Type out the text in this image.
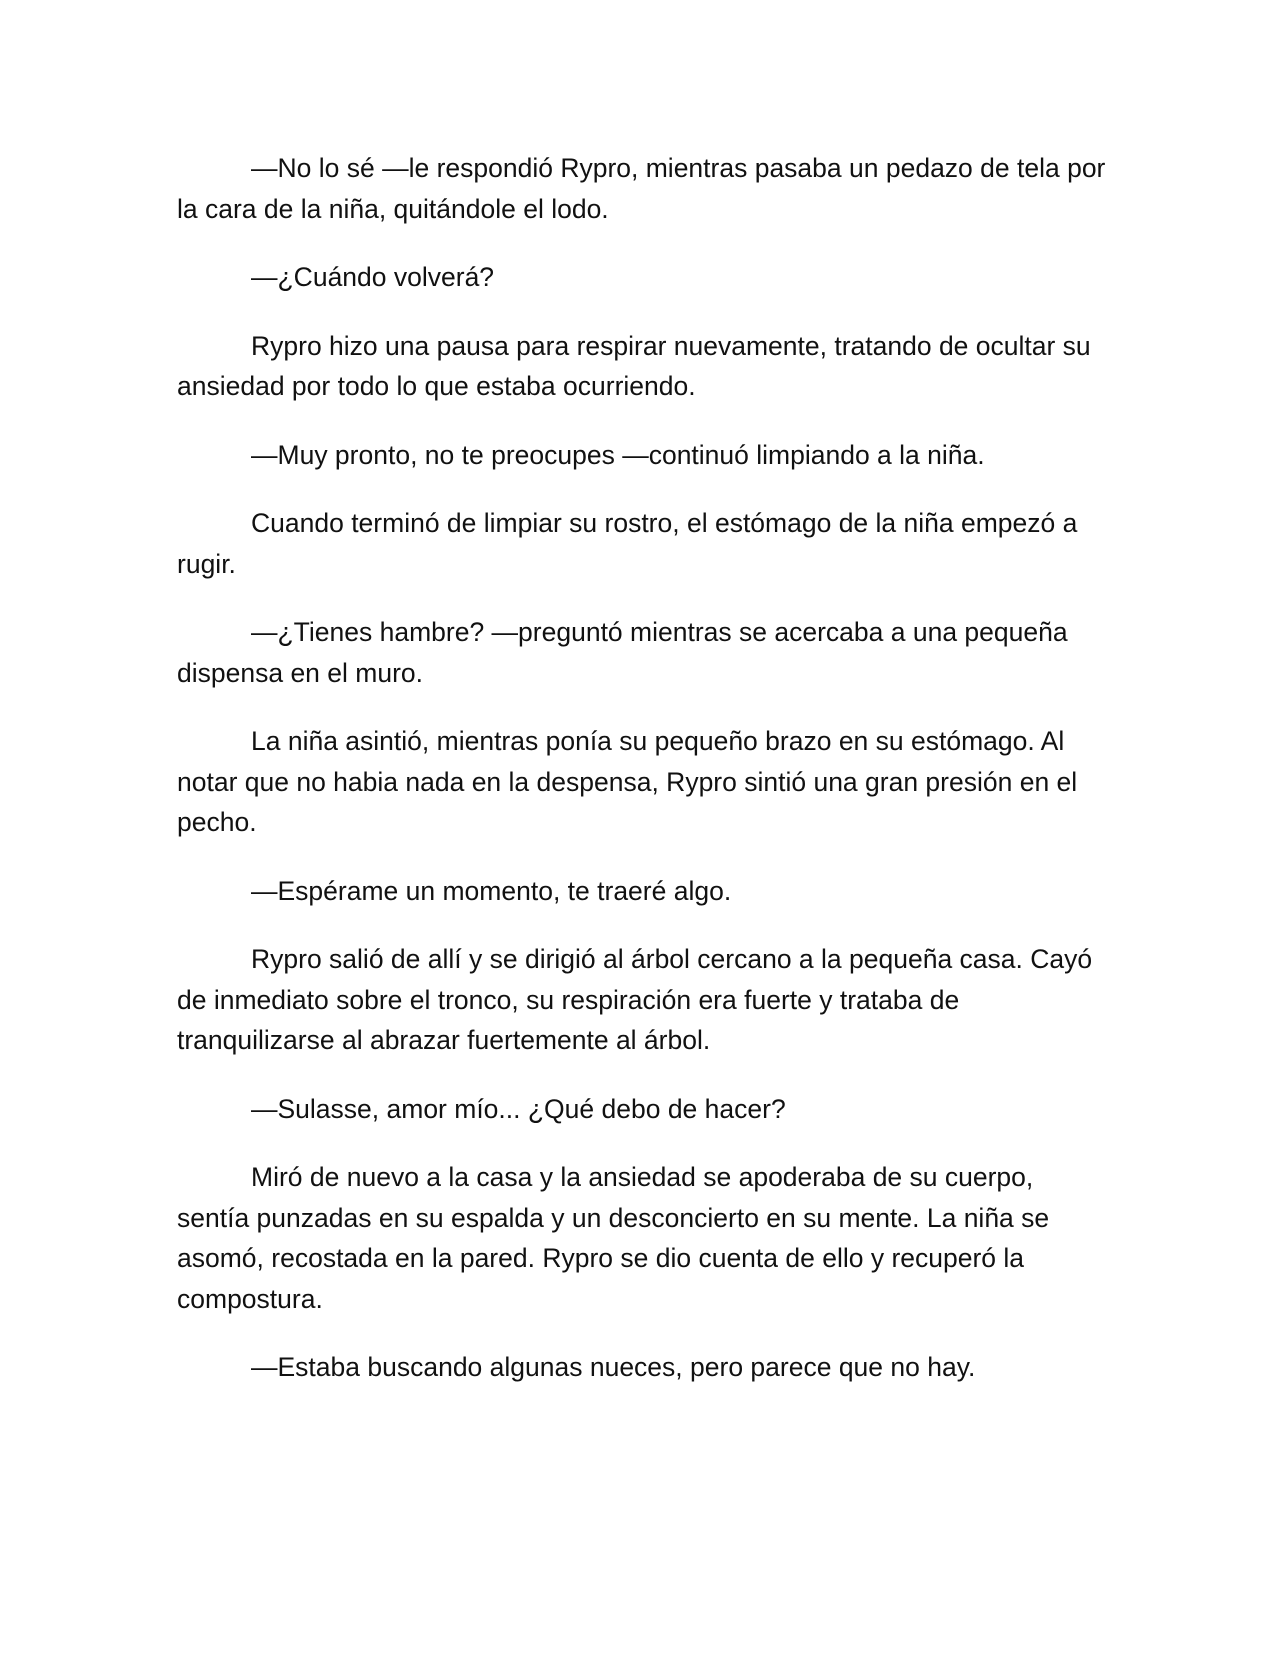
—No lo sé —le respondió Rypro, mientras pasaba un pedazo de tela por la cara de la niña, quitándole el lodo.

—¿Cuándo volverá?

Rypro hizo una pausa para respirar nuevamente, tratando de ocultar su ansiedad por todo lo que estaba ocurriendo.

—Muy pronto, no te preocupes —continuó limpiando a la niña.

Cuando terminó de limpiar su rostro, el estómago de la niña empezó a rugir.

—¿Tienes hambre? —preguntó mientras se acercaba a una pequeña dispensa en el muro.

La niña asintió, mientras ponía su pequeño brazo en su estómago. Al notar que no habia nada en la despensa, Rypro sintió una gran presión en el pecho.

—Espérame un momento, te traeré algo.

Rypro salió de allí y se dirigió al árbol cercano a la pequeña casa. Cayó de inmediato sobre el tronco, su respiración era fuerte y trataba de tranquilizarse al abrazar fuertemente al árbol.

—Sulasse, amor mío... ¿Qué debo de hacer?

Miró de nuevo a la casa y la ansiedad se apoderaba de su cuerpo, sentía punzadas en su espalda y un desconcierto en su mente. La niña se asomó, recostada en la pared. Rypro se dio cuenta de ello y recuperó la compostura.

—Estaba buscando algunas nueces, pero parece que no hay.
